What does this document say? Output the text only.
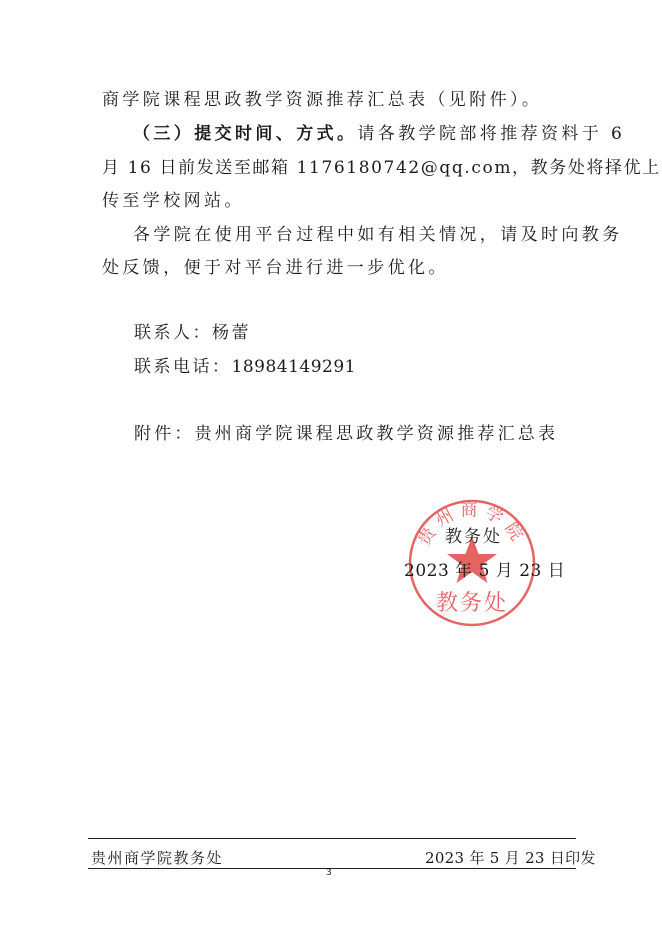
商学院课程思政教学资源推荐汇总表（见附件）。
（三）提交时间、方式。请各教学院部将推荐资料于 6
月 16 日前发送至邮箱 1176180742@qq.com，教务处将择优上
传至学校网站。
各学院在使用平台过程中如有相关情况，请及时向教务
处反馈，便于对平台进行进一步优化。
联系人：杨蕾
联系电话：18984149291
附件：贵州商学院课程思政教学资源推荐汇总表
贵州商学院
教务处
教务处
2023 年 5 月 23 日
贵州商学院教务处	2023 年 5 月 23 日印发
3
